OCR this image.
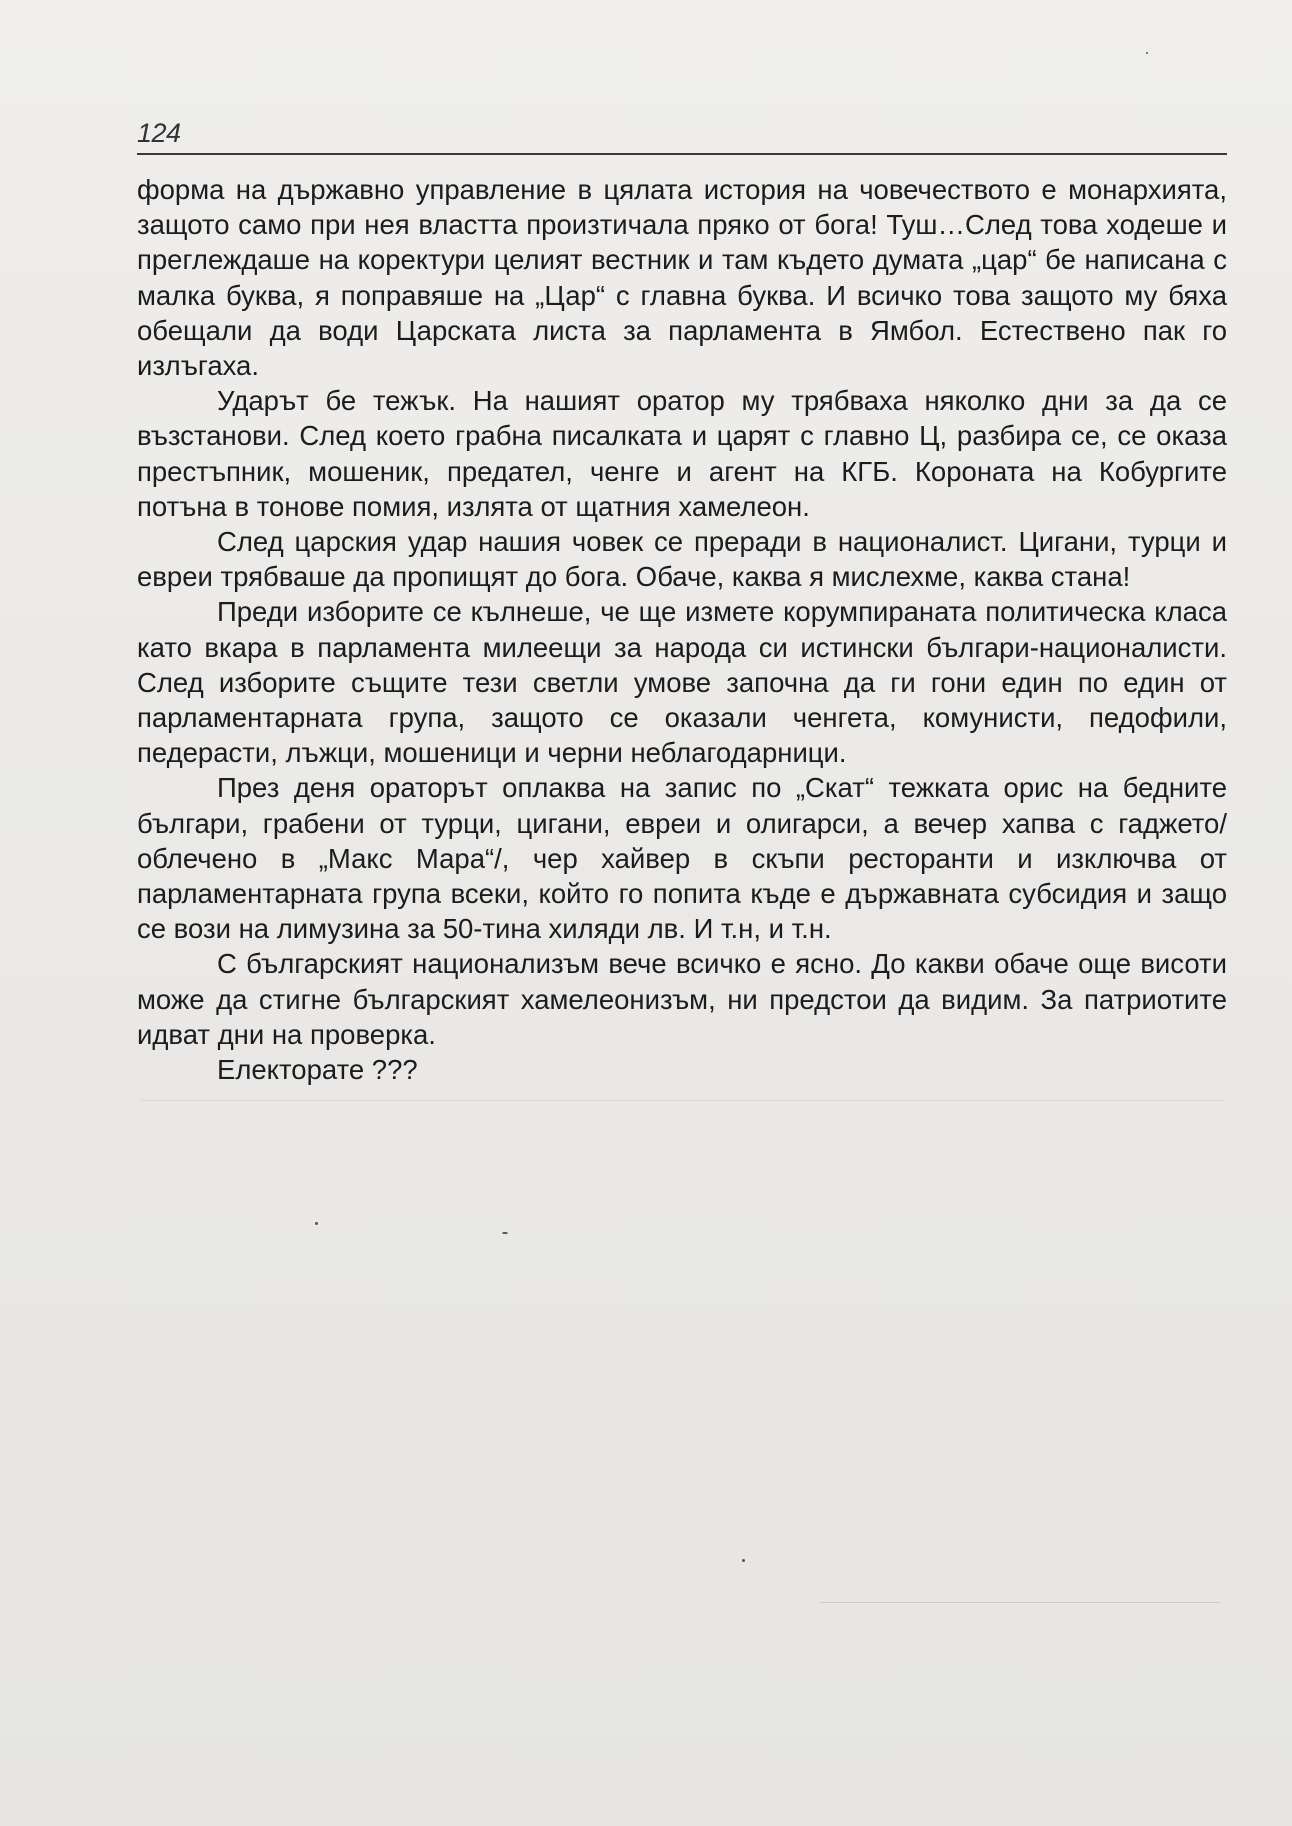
124

форма на държавно управление в цялата история на човечеството е монархията, защото само при нея властта произтичала пряко от бога! Туш…След това ходеше и преглеждаше на коректури целият вестник и там където думата „цар“ бе написана с малка буква, я поправяше на „Цар“ с главна буква. И всичко това защото му бяха обещали да води Царската листа за парламента в Ямбол. Естествено пак го излъгаха.

Ударът бе тежък. На нашият оратор му трябваха няколко дни за да се възстанови. След което грабна писалката и царят с главно Ц, разбира се, се оказа престъпник, мошеник, предател, ченге и агент на КГБ. Короната на Кобургите потъна в тонове помия, излята от щатния хамелеон.

След царския удар нашия човек се преради в националист. Цигани, турци и евреи трябваше да пропищят до бога. Обаче, каква я мислехме, каква стана!

Преди изборите се кълнеше, че ще изметe корумпираната политическа класа като вкара в парламента милеещи за народа си истински българи-националисти. След изборите същите тези светли умове започна да ги гони един по един от парламентарната група, защото се оказали ченгета, комунисти, педофили, педерасти, лъжци, мошеници и черни неблагодарници.

През деня ораторът оплаква на запис по „Скат“ тежката орис на бедните българи, грабени от турци, цигани, евреи и олигарси, а вечер хапва с гаджето/облечено в „Макс Мара“/, чер хайвер в скъпи ресторанти и изключва от парламентарната група всеки, който го попита къде е държавната субсидия и защо се вози на лимузина за 50-тина хиляди лв. И т.н, и т.н.

С българският национализъм вече всичко е ясно. До какви обаче още висоти може да стигне българският хамелеонизъм, ни предстои да видим. За патриотите идват дни на проверка.

Електорате ???
